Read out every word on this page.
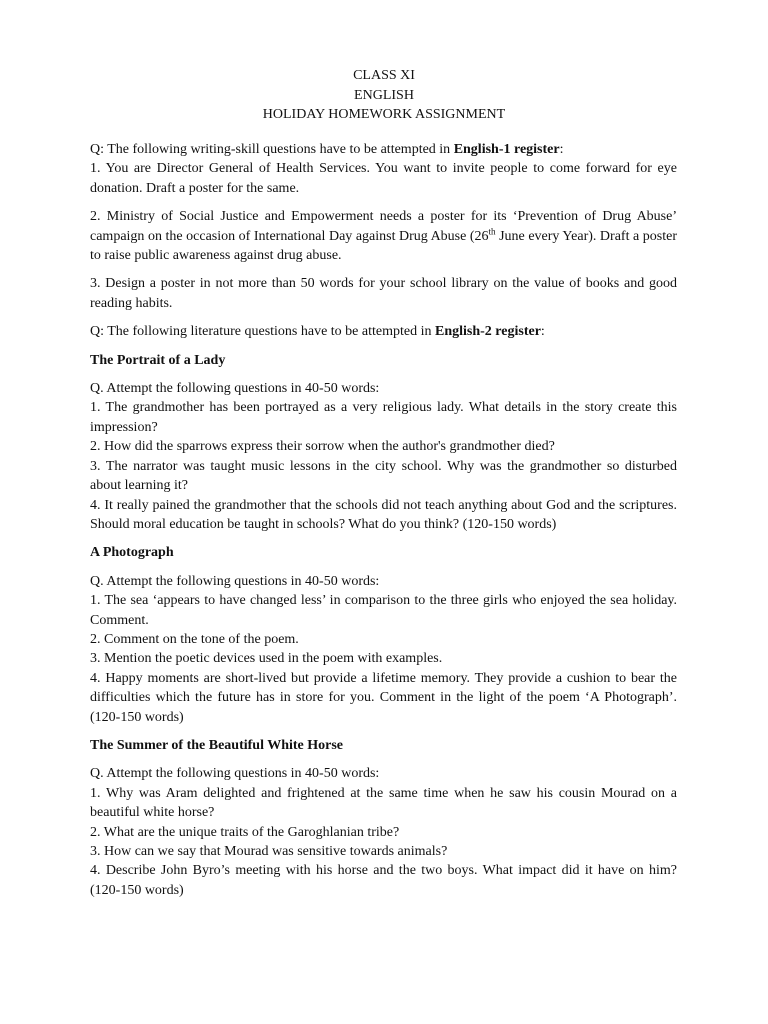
CLASS XI
ENGLISH
HOLIDAY HOMEWORK ASSIGNMENT

Q: The following writing-skill questions have to be attempted in English-1 register:

1. You are Director General of Health Services. You want to invite people to come forward for eye donation. Draft a poster for the same.

2. Ministry of Social Justice and Empowerment needs a poster for its ‘Prevention of Drug Abuse’ campaign on the occasion of International Day against Drug Abuse (26th June every Year). Draft a poster to raise public awareness against drug abuse.

3. Design a poster in not more than 50 words for your school library on the value of books and good reading habits.

Q: The following literature questions have to be attempted in English-2 register:

The Portrait of a Lady

Q. Attempt the following questions in 40-50 words:

1. The grandmother has been portrayed as a very religious lady. What details in the story create this impression?

2. How did the sparrows express their sorrow when the author's grandmother died?

3. The narrator was taught music lessons in the city school. Why was the grandmother so disturbed about learning it?

4. It really pained the grandmother that the schools did not teach anything about God and the scriptures. Should moral education be taught in schools? What do you think? (120-150 words)

A Photograph

Q. Attempt the following questions in 40-50 words:

1. The sea ‘appears to have changed less’ in comparison to the three girls who enjoyed the sea holiday. Comment.

2. Comment on the tone of the poem.

3. Mention the poetic devices used in the poem with examples.

4. Happy moments are short-lived but provide a lifetime memory. They provide a cushion to bear the difficulties which the future has in store for you. Comment in the light of the poem ‘A Photograph’. (120-150 words)

The Summer of the Beautiful White Horse

Q. Attempt the following questions in 40-50 words:

1. Why was Aram delighted and frightened at the same time when he saw his cousin Mourad on a beautiful white horse?

2. What are the unique traits of the Garoghlanian tribe?

3. How can we say that Mourad was sensitive towards animals?

4. Describe John Byro’s meeting with his horse and the two boys. What impact did it have on him? (120-150 words)
